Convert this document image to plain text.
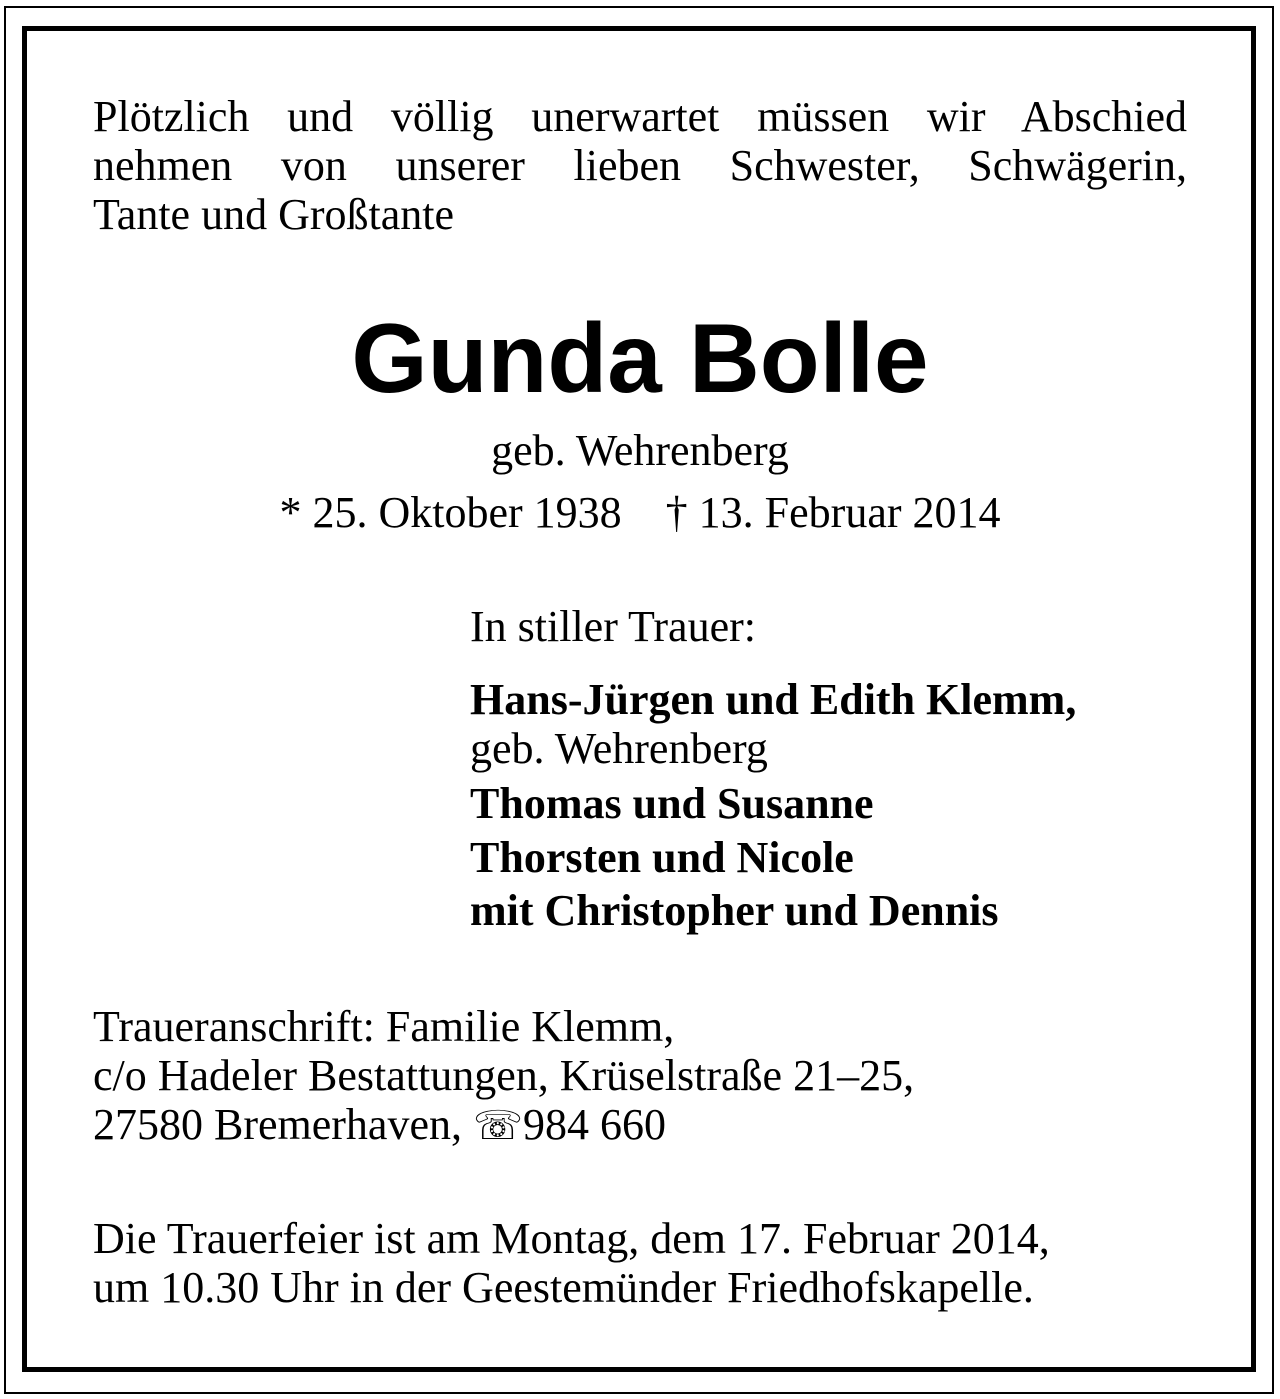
Plötzlich und völlig unerwartet müssen wir Abschied

nehmen von unserer lieben Schwester, Schwägerin,

Tante und Großtante

Gunda Bolle

geb. Wehrenberg

* 25. Oktober 1938 † 13. Februar 2014

In stiller Trauer:

Hans-Jürgen und Edith Klemm,

geb. Wehrenberg

Thomas und Susanne

Thorsten und Nicole

mit Christopher und Dennis

Traueranschrift: Familie Klemm,

c/o Hadeler Bestattungen, Krüselstraße 21–25,

27580 Bremerhaven, ☏984 660

Die Trauerfeier ist am Montag, dem 17. Februar 2014,

um 10.30 Uhr in der Geestemünder Friedhofskapelle.
